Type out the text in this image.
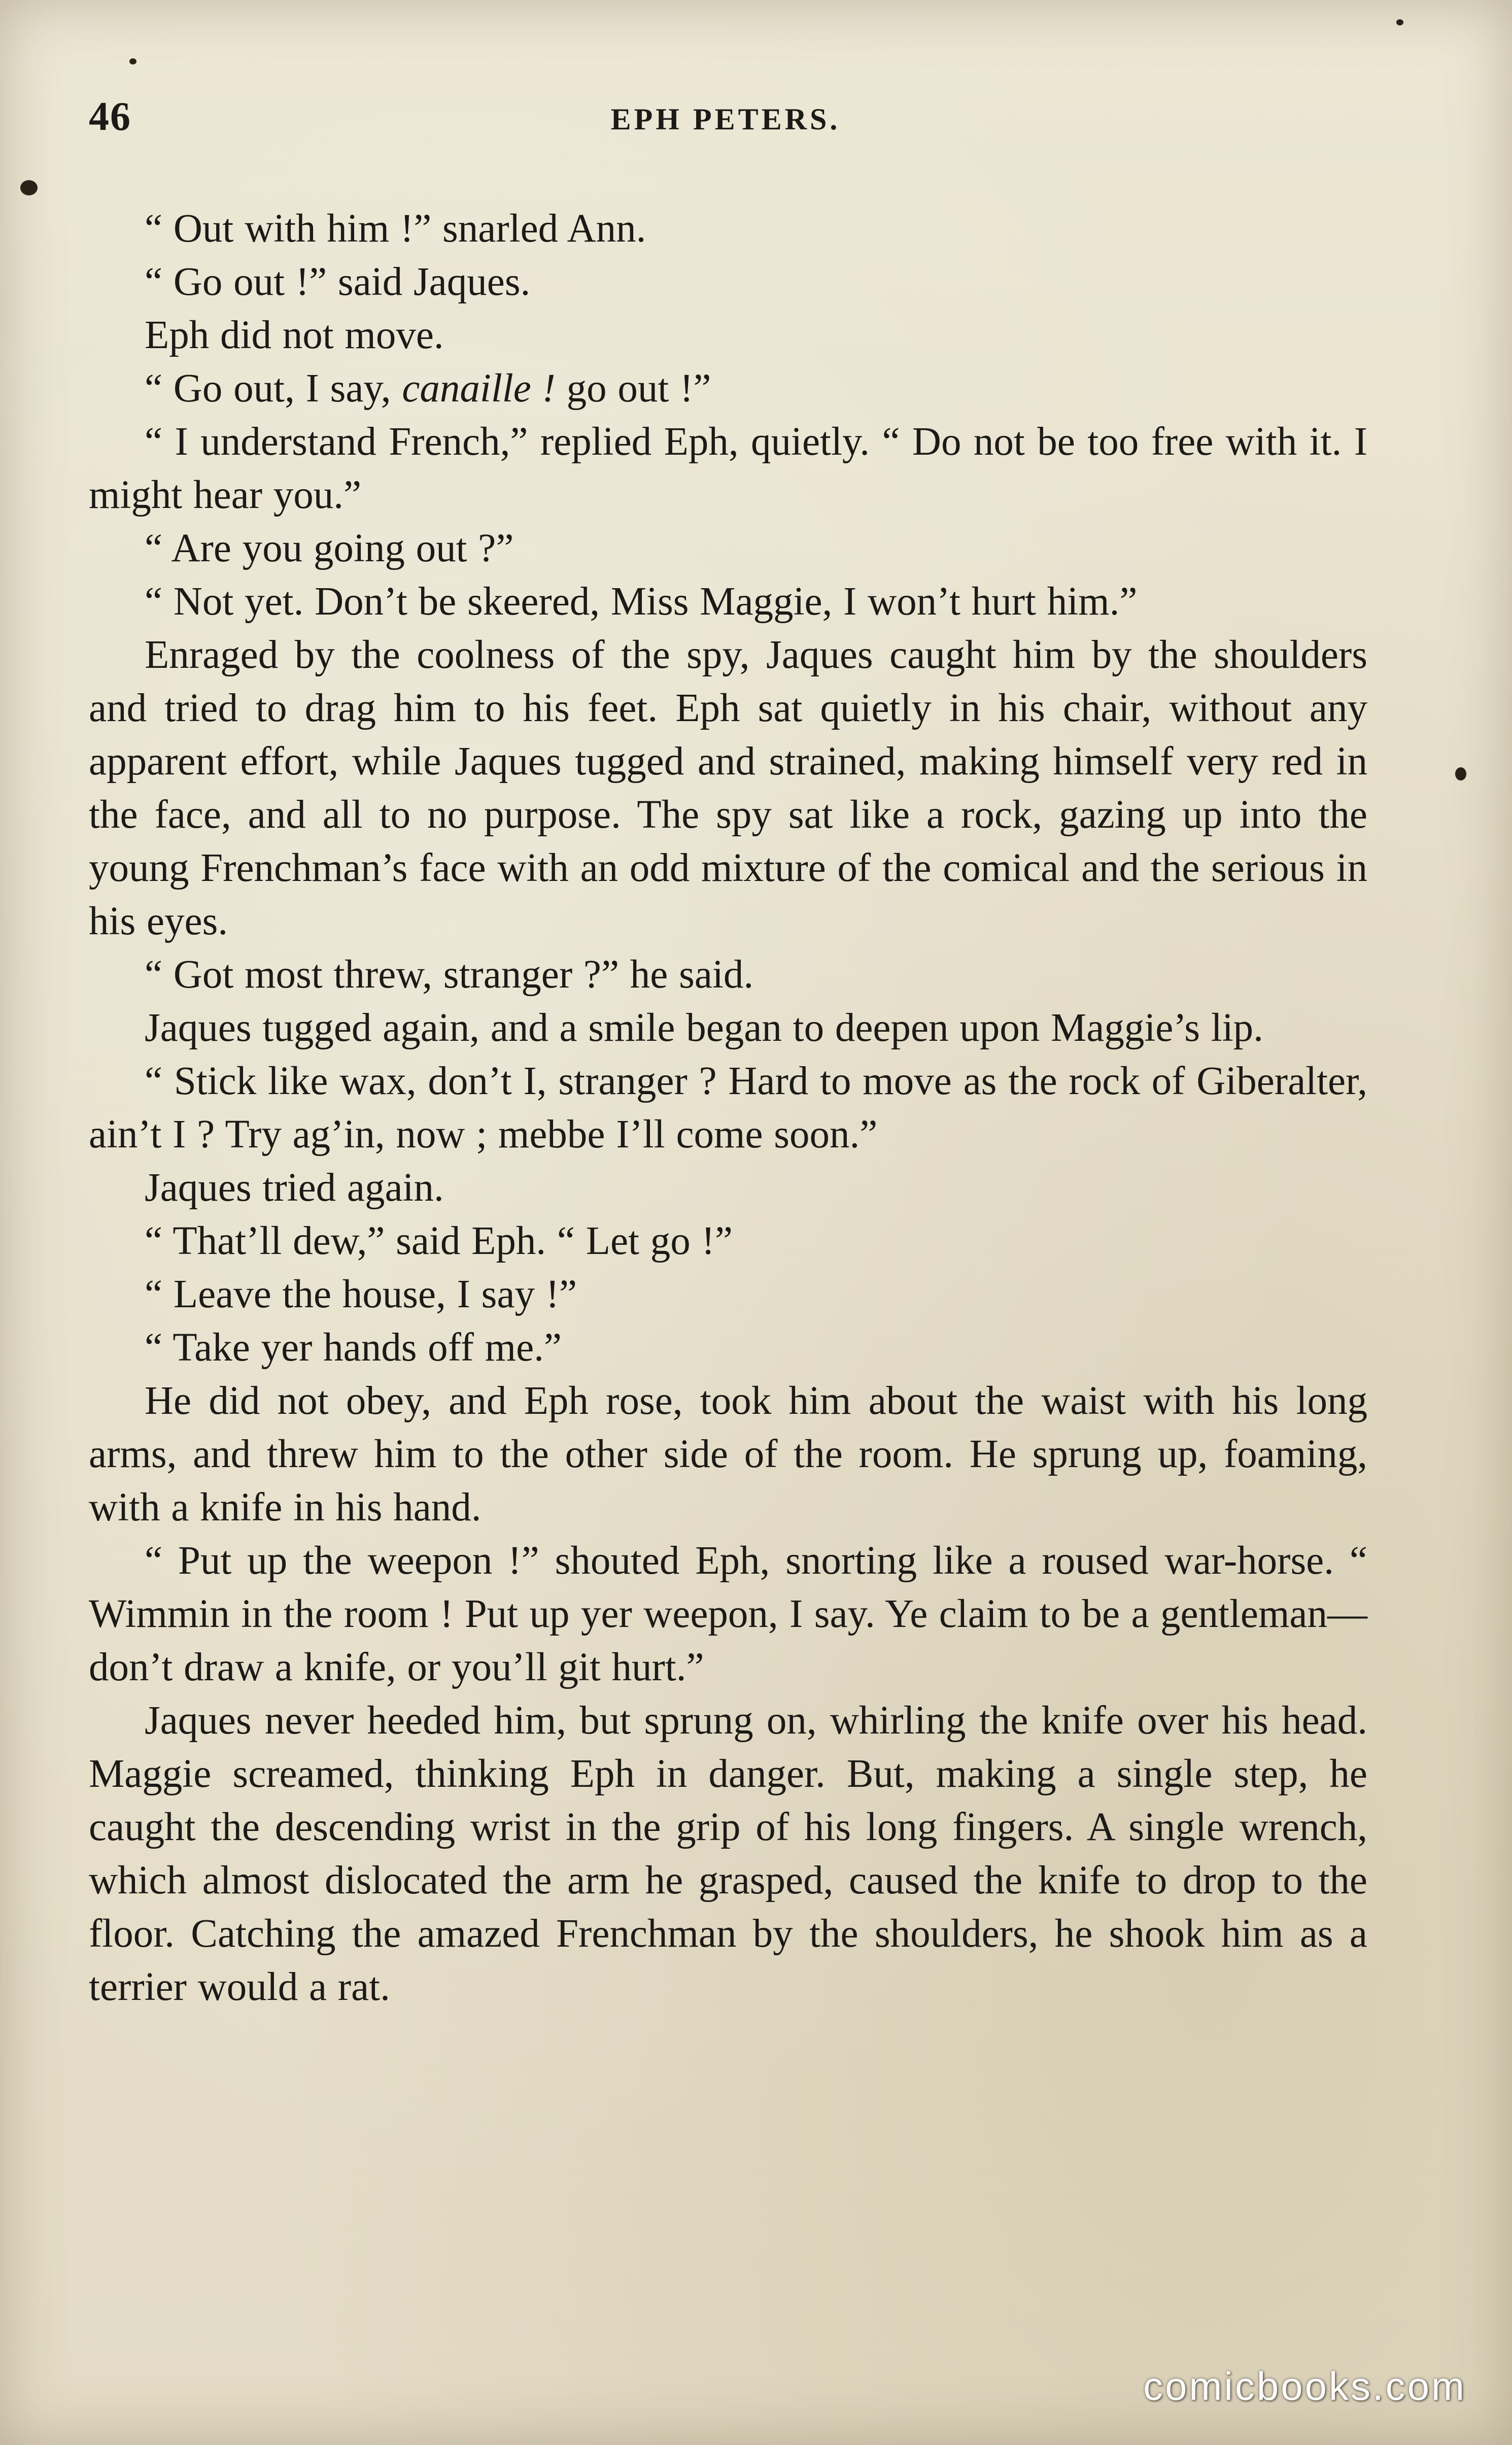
46	EPH PETERS.

“ Out with him !” snarled Ann.

“ Go out !” said Jaques.

Eph did not move.

“ Go out, I say, canaille ! go out !”

“ I understand French,” replied Eph, quietly. “ Do not be too free with it. I might hear you.”

“ Are you going out ?”

“ Not yet. Don’t be skeered, Miss Maggie, I won’t hurt him.”

Enraged by the coolness of the spy, Jaques caught him by the shoulders and tried to drag him to his feet. Eph sat quietly in his chair, without any apparent effort, while Jaques tugged and strained, making himself very red in the face, and all to no purpose. The spy sat like a rock, gazing up into the young Frenchman’s face with an odd mixture of the comical and the serious in his eyes.

“ Got most threw, stranger ?” he said.

Jaques tugged again, and a smile began to deepen upon Maggie’s lip.

“ Stick like wax, don’t I, stranger ? Hard to move as the rock of Giberalter, ain’t I ? Try ag’in, now ; mebbe I’ll come soon.”

Jaques tried again.

“ That’ll dew,” said Eph. “ Let go !”

“ Leave the house, I say !”

“ Take yer hands off me.”

He did not obey, and Eph rose, took him about the waist with his long arms, and threw him to the other side of the room. He sprung up, foaming, with a knife in his hand.

“ Put up the weepon !” shouted Eph, snorting like a roused war-horse. “ Wimmin in the room ! Put up yer weepon, I say. Ye claim to be a gentleman—don’t draw a knife, or you’ll git hurt.”

Jaques never heeded him, but sprung on, whirling the knife over his head. Maggie screamed, thinking Eph in danger. But, making a single step, he caught the descending wrist in the grip of his long fingers. A single wrench, which almost dislocated the arm he grasped, caused the knife to drop to the floor. Catching the amazed Frenchman by the shoulders, he shook him as a terrier would a rat.

comicbooks.com
